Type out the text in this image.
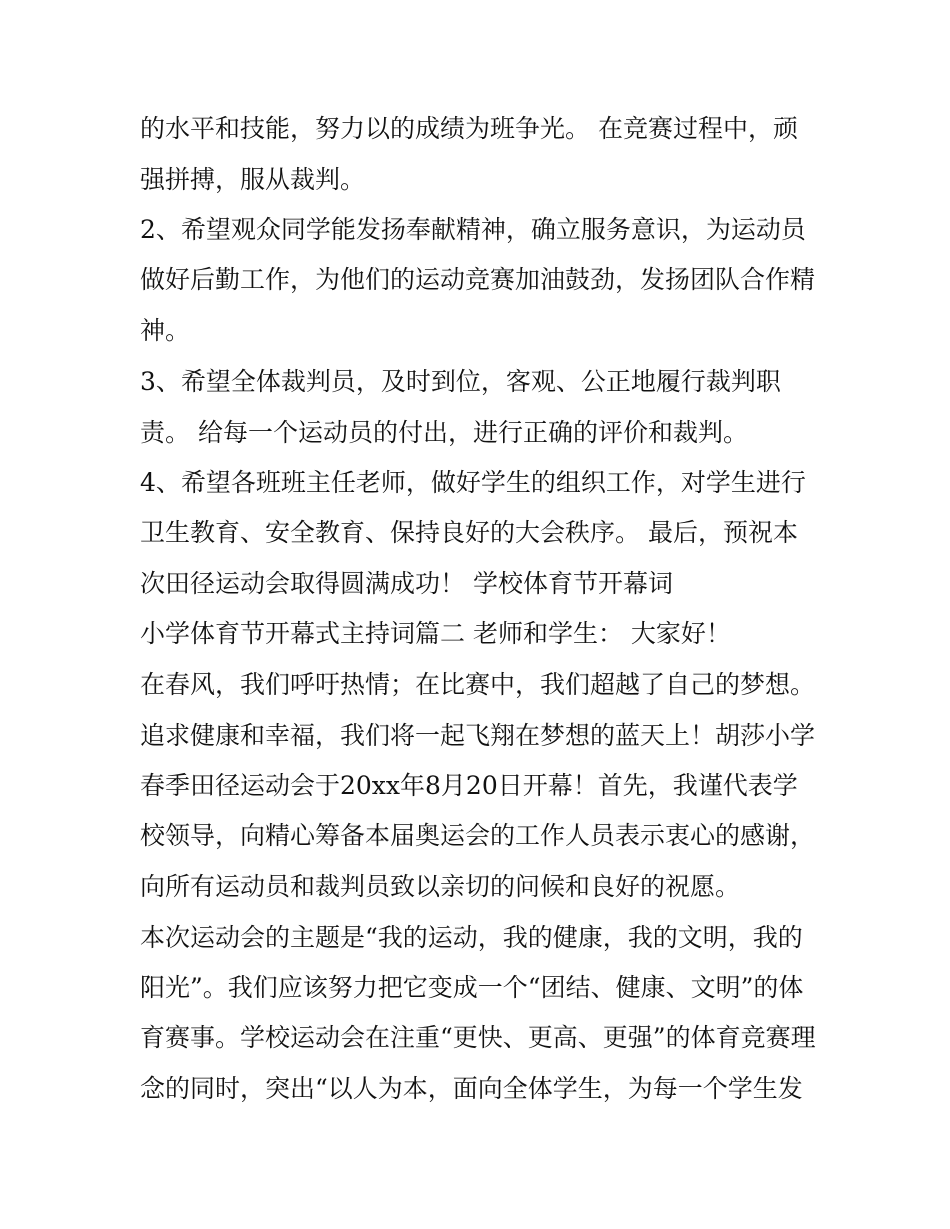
的水平和技能，努力以的成绩为班争光。 在竞赛过程中，顽
强拼搏，服从裁判。
2、希望观众同学能发扬奉献精神，确立服务意识，为运动员
做好后勤工作，为他们的运动竞赛加油鼓劲，发扬团队合作精
神。
3、希望全体裁判员，及时到位，客观、公正地履行裁判职
责。 给每一个运动员的付出，进行正确的评价和裁判。
4、希望各班班主任老师，做好学生的组织工作，对学生进行
卫生教育、安全教育、保持良好的大会秩序。 最后，预祝本
次田径运动会取得圆满成功！ 学校体育节开幕词
小学体育节开幕式主持词篇二 老师和学生： 大家好！
在春风，我们呼吁热情；在比赛中，我们超越了自己的梦想。
追求健康和幸福，我们将一起飞翔在梦想的蓝天上！胡莎小学
春季田径运动会于20xx年8月20日开幕！首先，我谨代表学
校领导，向精心筹备本届奥运会的工作人员表示衷心的感谢，
向所有运动员和裁判员致以亲切的问候和良好的祝愿。
本次运动会的主题是“我的运动，我的健康，我的文明，我的
阳光”。我们应该努力把它变成一个“团结、健康、文明”的体
育赛事。学校运动会在注重“更快、更高、更强”的体育竞赛理
念的同时，突出“以人为本，面向全体学生，为每一个学生发
